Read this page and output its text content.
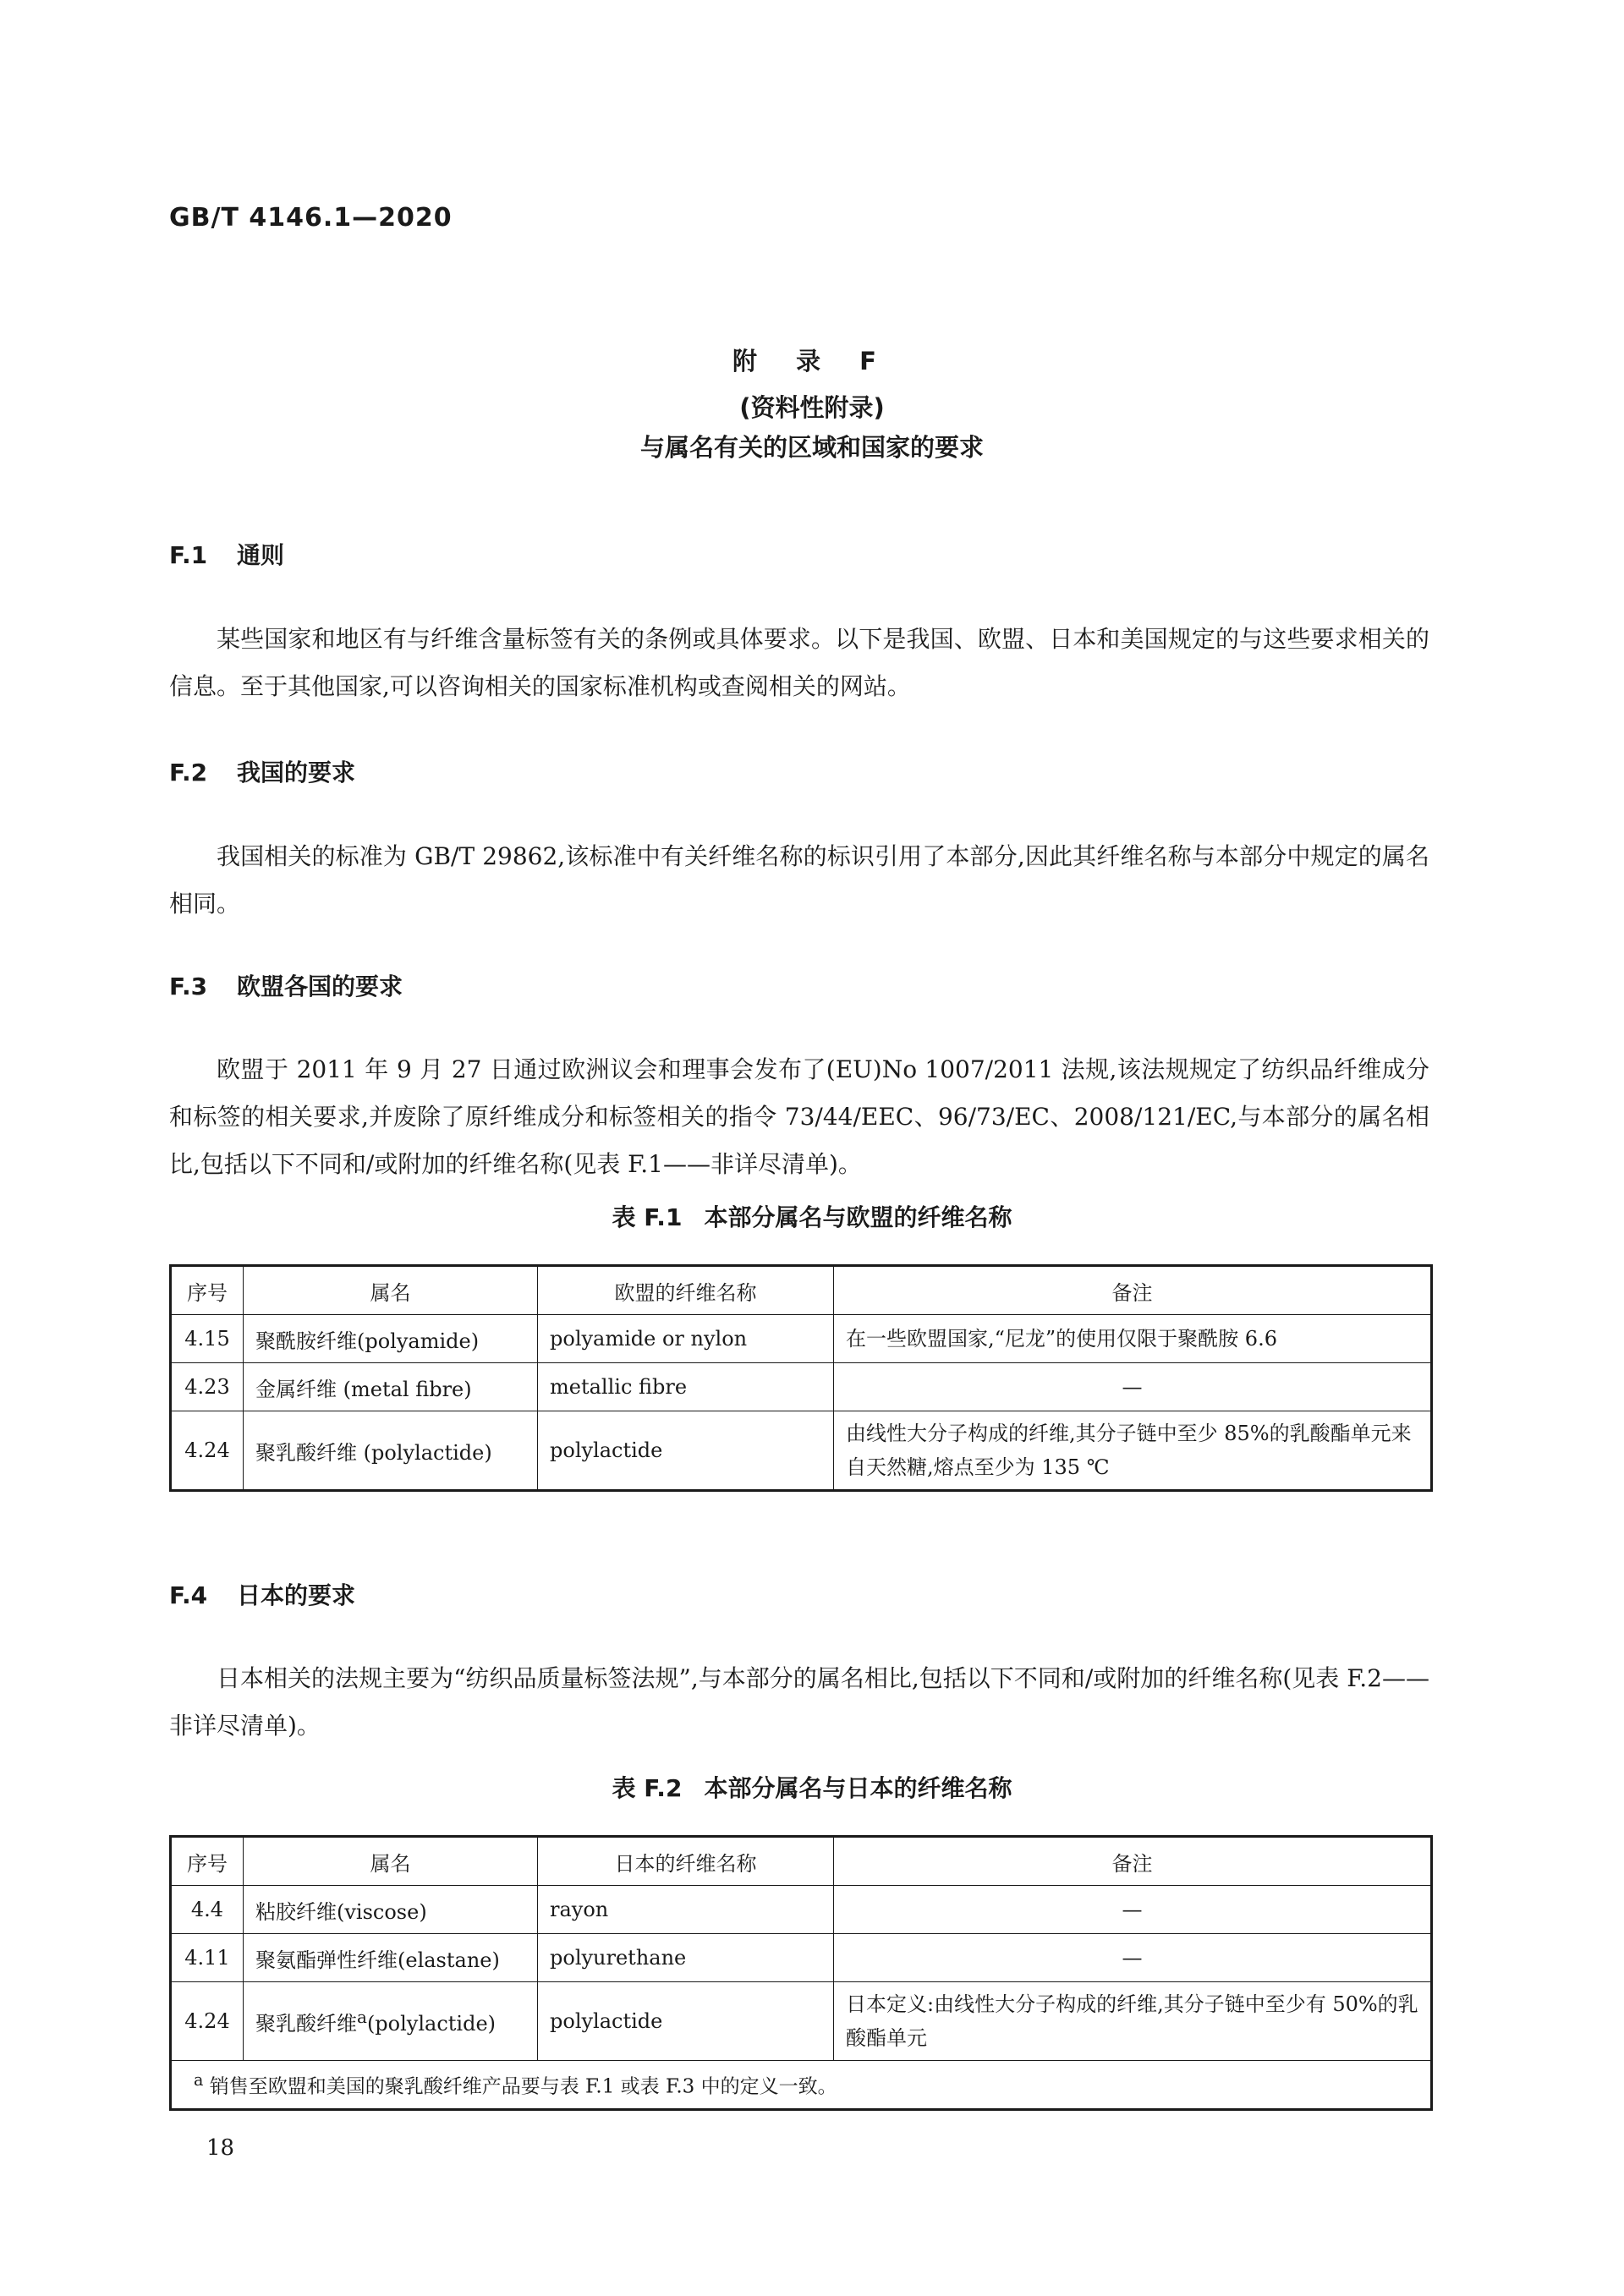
GB/T 4146.1—2020
附 录 F
(资料性附录)
与属名有关的区域和国家的要求
F.1 通则
某些国家和地区有与纤维含量标签有关的条例或具体要求。以下是我国、欧盟、日本和美国规定的与这些要求相关的信息。至于其他国家,可以咨询相关的国家标准机构或查阅相关的网站。
F.2 我国的要求
我国相关的标准为 GB/T 29862,该标准中有关纤维名称的标识引用了本部分,因此其纤维名称与本部分中规定的属名相同。
F.3 欧盟各国的要求
欧盟于 2011 年 9 月 27 日通过欧洲议会和理事会发布了(EU)No 1007/2011 法规,该法规规定了纺织品纤维成分和标签的相关要求,并废除了原纤维成分和标签相关的指令 73/44/EEC、96/73/EC、2008/121/EC,与本部分的属名相比,包括以下不同和/或附加的纤维名称(见表 F.1——非详尽清单)。
表 F.1 本部分属名与欧盟的纤维名称
序号	属名	欧盟的纤维名称	备注
4.15	聚酰胺纤维(polyamide)	polyamide or nylon	在一些欧盟国家,“尼龙”的使用仅限于聚酰胺 6.6
4.23	金属纤维 (metal fibre)	metallic fibre	—
4.24	聚乳酸纤维 (polylactide)	polylactide	由线性大分子构成的纤维,其分子链中至少 85%的乳酸酯单元来自天然糖,熔点至少为 135 ℃
F.4 日本的要求
日本相关的法规主要为“纺织品质量标签法规”,与本部分的属名相比,包括以下不同和/或附加的纤维名称(见表 F.2——非详尽清单)。
表 F.2 本部分属名与日本的纤维名称
序号	属名	日本的纤维名称	备注
4.4	粘胶纤维(viscose)	rayon	—
4.11	聚氨酯弹性纤维(elastane)	polyurethane	—
4.24	聚乳酸纤维$^a$(polylactide)	polylactide	日本定义:由线性大分子构成的纤维,其分子链中至少有 50%的乳酸酯单元
$^a$ 销售至欧盟和美国的聚乳酸纤维产品要与表 F.1 或表 F.3 中的定义一致。			
18
